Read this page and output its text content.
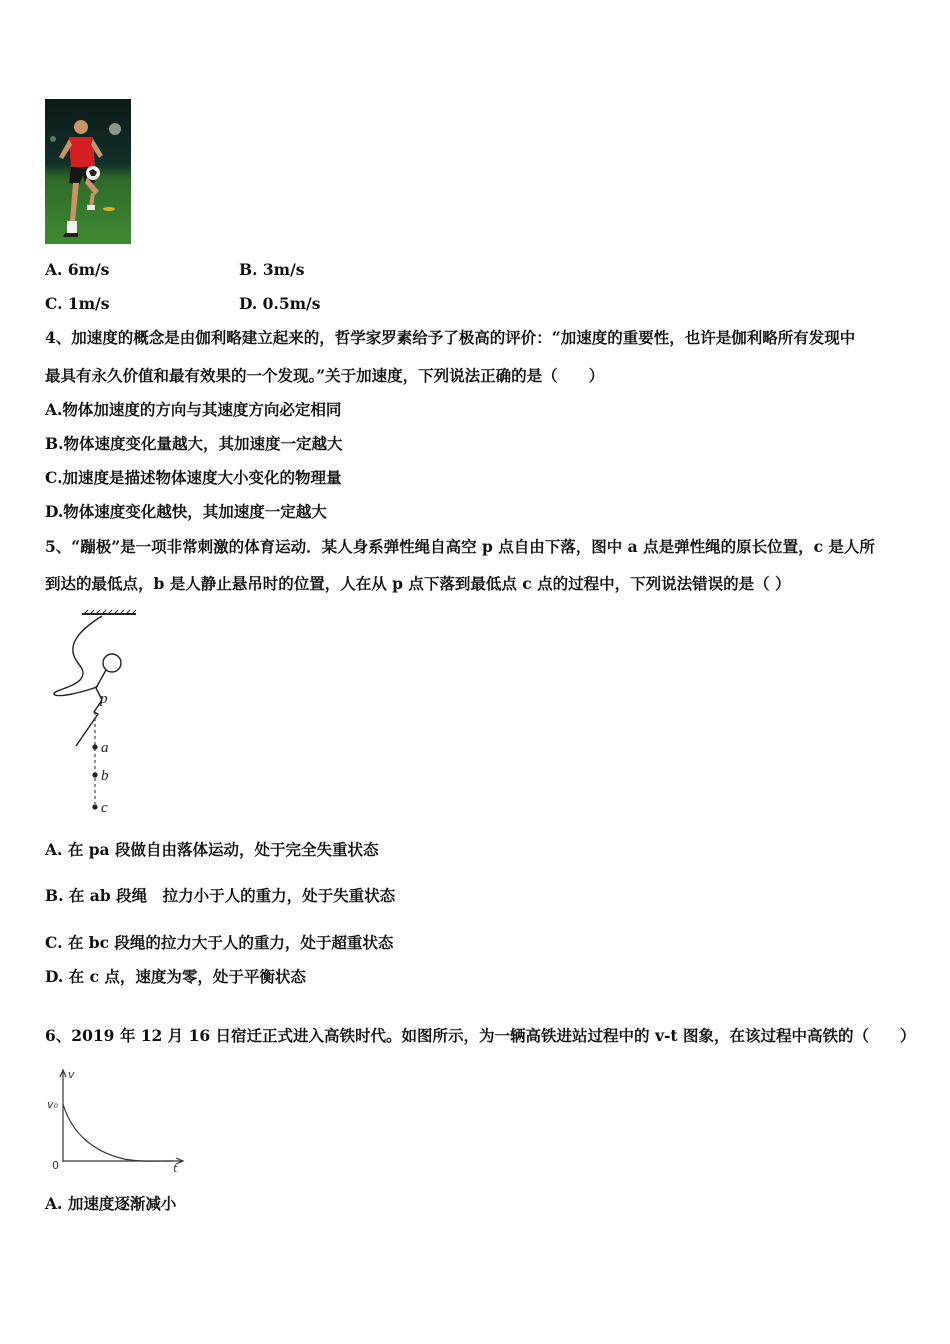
A. 6m/s	B. 3m/s
C. 1m/s	D. 0.5m/s
4、加速度的概念是由伽利略建立起来的，哲学家罗素给予了极高的评价：“加速度的重要性，也许是伽利略所有发现中
最具有永久价值和最有效果的一个发现。”关于加速度，下列说法正确的是（　　）
A.物体加速度的方向与其速度方向必定相同
B.物体速度变化量越大，其加速度一定越大
C.加速度是描述物体速度大小变化的物理量
D.物体速度变化越快，其加速度一定越大
5、“蹦极”是一项非常刺激的体育运动．某人身系弹性绳自高空 p 点自由下落，图中 a 点是弹性绳的原长位置，c 是人所
到达的最低点，b 是人静止悬吊时的位置，人在从 p 点下落到最低点 c 点的过程中，下列说法错误的是（ ）
p
a
b
c
A. 在 pa 段做自由落体运动，处于完全失重状态
B. 在 ab 段绳　拉力小于人的重力，处于失重状态
C. 在 bc 段绳的拉力大于人的重力，处于超重状态
D. 在 c 点，速度为零，处于平衡状态
6、2019 年 12 月 16 日宿迁正式进入高铁时代。如图所示，为一辆高铁进站过程中的 v-t 图象，在该过程中高铁的（　　）
v
v₀
0	t
A. 加速度逐渐减小
